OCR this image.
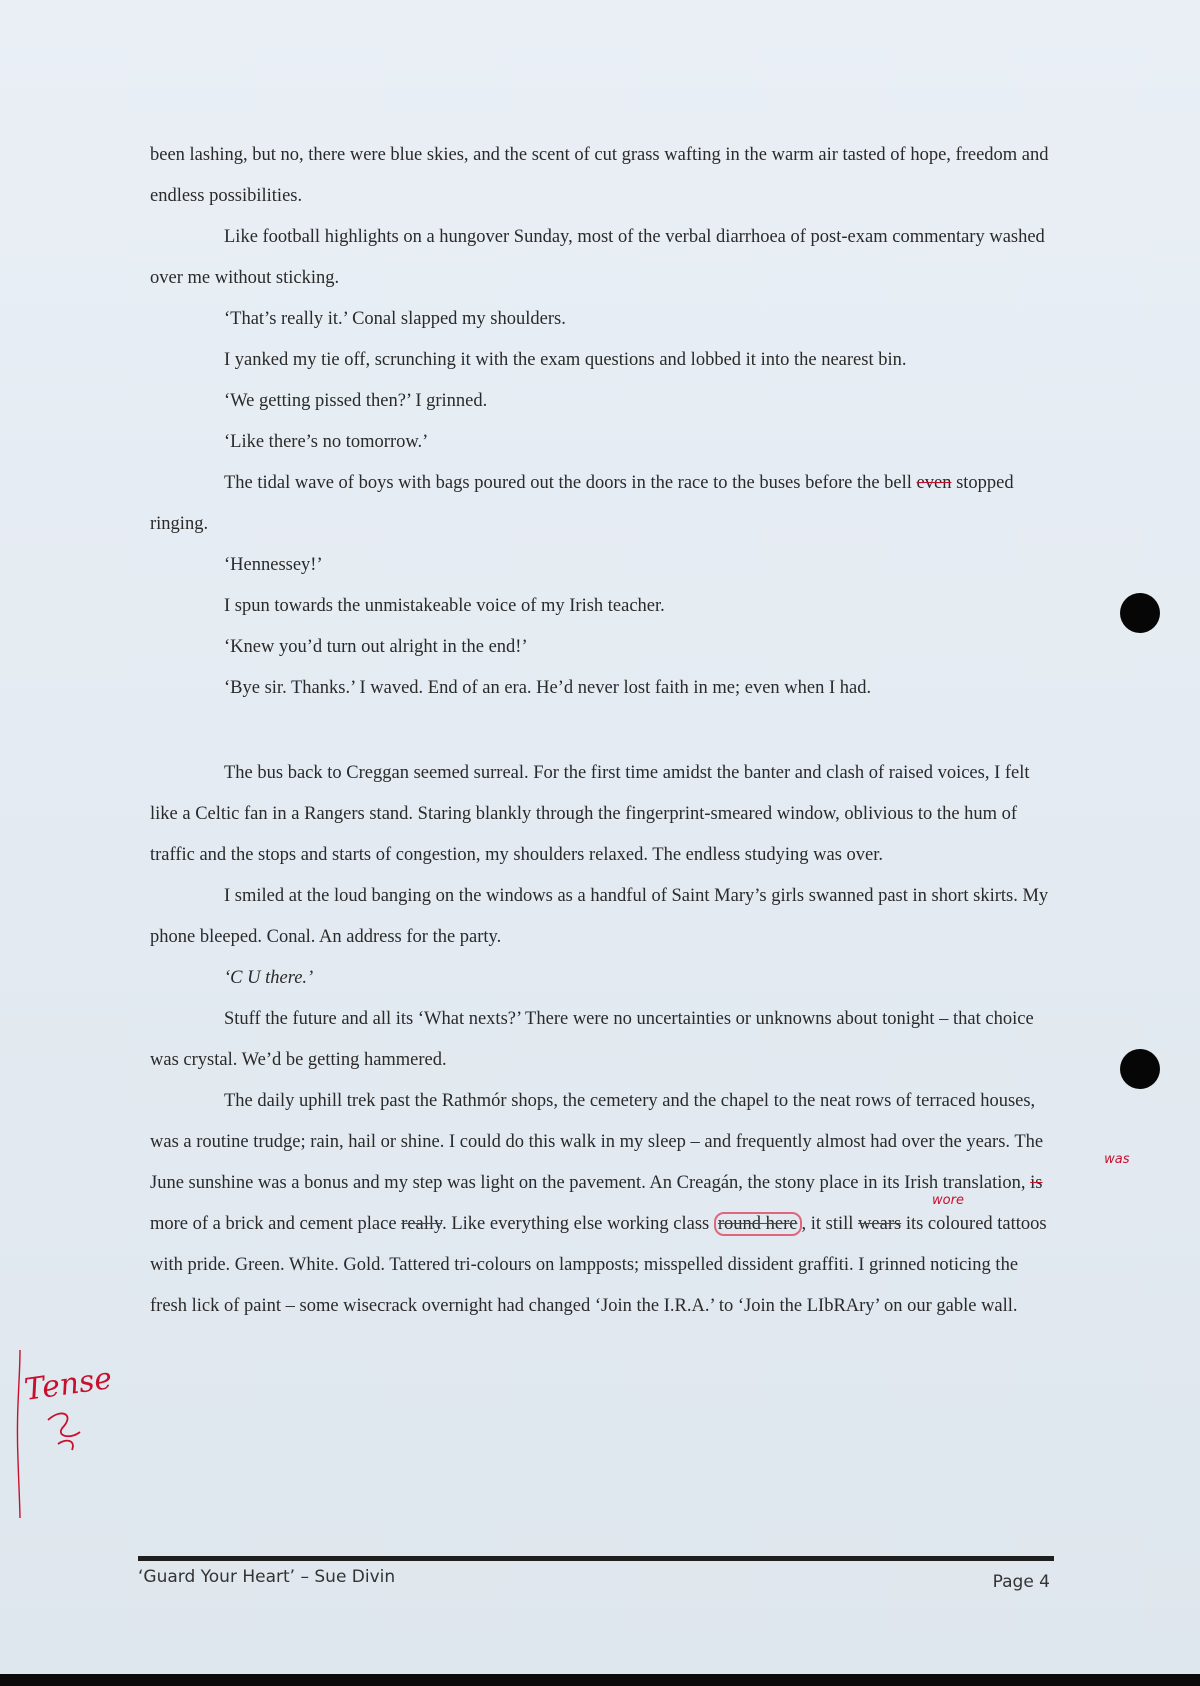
been lashing, but no, there were blue skies, and the scent of cut grass wafting in the warm air tasted of hope, freedom and endless possibilities.

Like football highlights on a hungover Sunday, most of the verbal diarrhoea of post-exam commentary washed over me without sticking.

‘That’s really it.’ Conal slapped my shoulders.

I yanked my tie off, scrunching it with the exam questions and lobbed it into the nearest bin.

‘We getting pissed then?’ I grinned.

‘Like there’s no tomorrow.’

The tidal wave of boys with bags poured out the doors in the race to the buses before the bell even stopped ringing.

‘Hennessey!’

I spun towards the unmistakeable voice of my Irish teacher.

‘Knew you’d turn out alright in the end!’

‘Bye sir. Thanks.’ I waved. End of an era. He’d never lost faith in me; even when I had.

The bus back to Creggan seemed surreal. For the first time amidst the banter and clash of raised voices, I felt like a Celtic fan in a Rangers stand. Staring blankly through the fingerprint-smeared window, oblivious to the hum of traffic and the stops and starts of congestion, my shoulders relaxed. The endless studying was over.

I smiled at the loud banging on the windows as a handful of Saint Mary’s girls swanned past in short skirts. My phone bleeped. Conal. An address for the party.

‘C U there.’

Stuff the future and all its ‘What nexts?’ There were no uncertainties or unknowns about tonight – that choice was crystal. We’d be getting hammered.

The daily uphill trek past the Rathmór shops, the cemetery and the chapel to the neat rows of terraced houses, was a routine trudge; rain, hail or shine. I could do this walk in my sleep – and frequently almost had over the years. The June sunshine was a bonus and my step was light on the pavement. An Creagán, the stony place in its Irish translation,
was
is more of a brick and cement place really. Like everything else working class round here , it still
wore
wears its coloured tattoos with pride. Green. White. Gold. Tattered tri-colours on lampposts; misspelled dissident graffiti. I grinned noticing the fresh lick of paint – some wisecrack overnight had changed ‘Join the I.R.A.’ to ‘Join the LIbRAry’ on our gable wall.

Tense
‘Guard Your Heart’ – Sue Divin	Page 4
